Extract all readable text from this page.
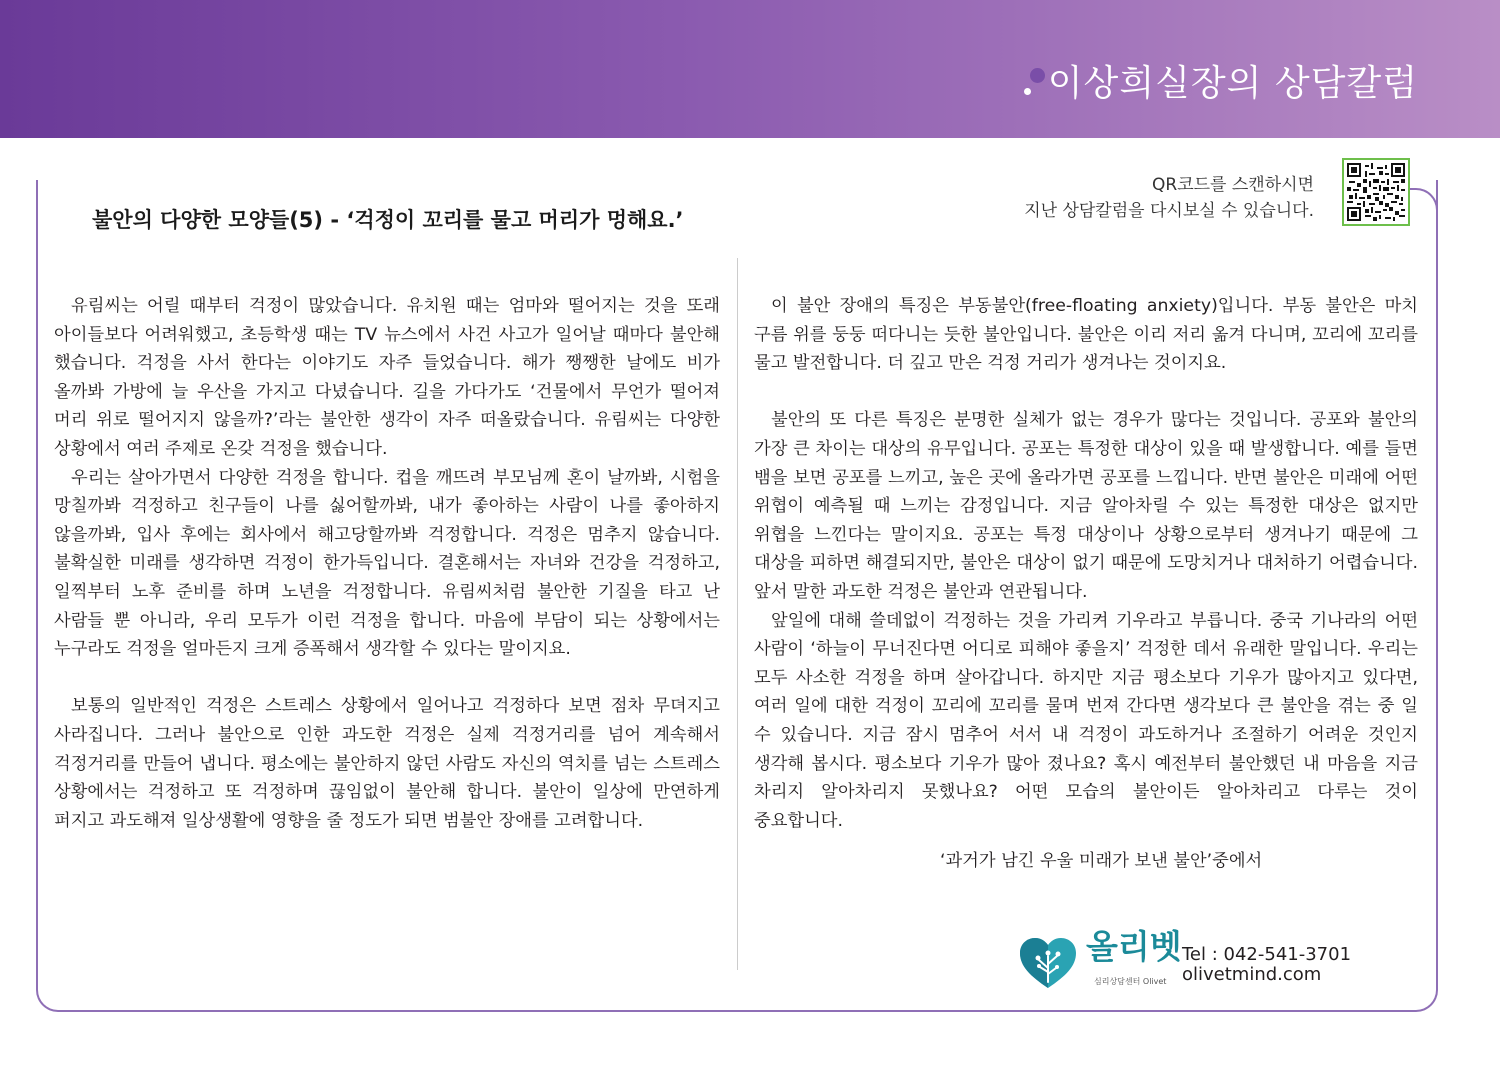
이상희실장의 상담칼럼
불안의 다양한 모양들(5) - ‘걱정이 꼬리를 물고 머리가 멍해요.’
QR코드를 스캔하시면
지난 상담칼럼을 다시보실 수 있습니다.

유림씨는 어릴 때부터 걱정이 많았습니다. 유치원 때는 엄마와 떨어지는 것을 또래 아이들보다 어려워했고, 초등학생 때는 TV 뉴스에서 사건 사고가 일어날 때마다 불안해 했습니다. 걱정을 사서 한다는 이야기도 자주 들었습니다. 해가 쨍쨍한 날에도 비가 올까봐 가방에 늘 우산을 가지고 다녔습니다. 길을 가다가도 ‘건물에서 무언가 떨어져 머리 위로 떨어지지 않을까?’라는 불안한 생각이 자주 떠올랐습니다. 유림씨는 다양한 상황에서 여러 주제로 온갖 걱정을 했습니다.

우리는 살아가면서 다양한 걱정을 합니다. 컵을 깨뜨려 부모님께 혼이 날까봐, 시험을 망칠까봐 걱정하고 친구들이 나를 싫어할까봐, 내가 좋아하는 사람이 나를 좋아하지 않을까봐, 입사 후에는 회사에서 해고당할까봐 걱정합니다. 걱정은 멈추지 않습니다. 불확실한 미래를 생각하면 걱정이 한가득입니다. 결혼해서는 자녀와 건강을 걱정하고, 일찍부터 노후 준비를 하며 노년을 걱정합니다. 유림씨처럼 불안한 기질을 타고 난 사람들 뿐 아니라, 우리 모두가 이런 걱정을 합니다. 마음에 부담이 되는 상황에서는 누구라도 걱정을 얼마든지 크게 증폭해서 생각할 수 있다는 말이지요.

보통의 일반적인 걱정은 스트레스 상황에서 일어나고 걱정하다 보면 점차 무뎌지고 사라집니다. 그러나 불안으로 인한 과도한 걱정은 실제 걱정거리를 넘어 계속해서 걱정거리를 만들어 냅니다. 평소에는 불안하지 않던 사람도 자신의 역치를 넘는 스트레스 상황에서는 걱정하고 또 걱정하며 끊임없이 불안해 합니다. 불안이 일상에 만연하게 퍼지고 과도해져 일상생활에 영향을 줄 정도가 되면 범불안 장애를 고려합니다.

이 불안 장애의 특징은 부동불안(free-floating anxiety)입니다. 부동 불안은 마치 구름 위를 둥둥 떠다니는 듯한 불안입니다. 불안은 이리 저리 옮겨 다니며, 꼬리에 꼬리를 물고 발전합니다. 더 깊고 만은 걱정 거리가 생겨나는 것이지요.

불안의 또 다른 특징은 분명한 실체가 없는 경우가 많다는 것입니다. 공포와 불안의 가장 큰 차이는 대상의 유무입니다. 공포는 특정한 대상이 있을 때 발생합니다. 예를 들면 뱀을 보면 공포를 느끼고, 높은 곳에 올라가면 공포를 느낍니다. 반면 불안은 미래에 어떤 위협이 예측될 때 느끼는 감정입니다. 지금 알아차릴 수 있는 특정한 대상은 없지만 위협을 느낀다는 말이지요. 공포는 특정 대상이나 상황으로부터 생겨나기 때문에 그 대상을 피하면 해결되지만, 불안은 대상이 없기 때문에 도망치거나 대처하기 어렵습니다. 앞서 말한 과도한 걱정은 불안과 연관됩니다.

앞일에 대해 쓸데없이 걱정하는 것을 가리켜 기우라고 부릅니다. 중국 기나라의 어떤 사람이 ‘하늘이 무너진다면 어디로 피해야 좋을지’ 걱정한 데서 유래한 말입니다. 우리는 모두 사소한 걱정을 하며 살아갑니다. 하지만 지금 평소보다 기우가 많아지고 있다면, 여러 일에 대한 걱정이 꼬리에 꼬리를 물며 번져 간다면 생각보다 큰 불안을 겪는 중 일 수 있습니다. 지금 잠시 멈추어 서서 내 걱정이 과도하거나 조절하기 어려운 것인지 생각해 봅시다. 평소보다 기우가 많아 졌나요? 혹시 예전부터 불안했던 내 마음을 지금 차리지 알아차리지 못했나요? 어떤 모습의 불안이든 알아차리고 다루는 것이 중요합니다.

‘과거가 남긴 우울 미래가 보낸 불안’중에서
올리벳
심리상담센터 Olivet
Tel : 042-541-3701
olivetmind.com
